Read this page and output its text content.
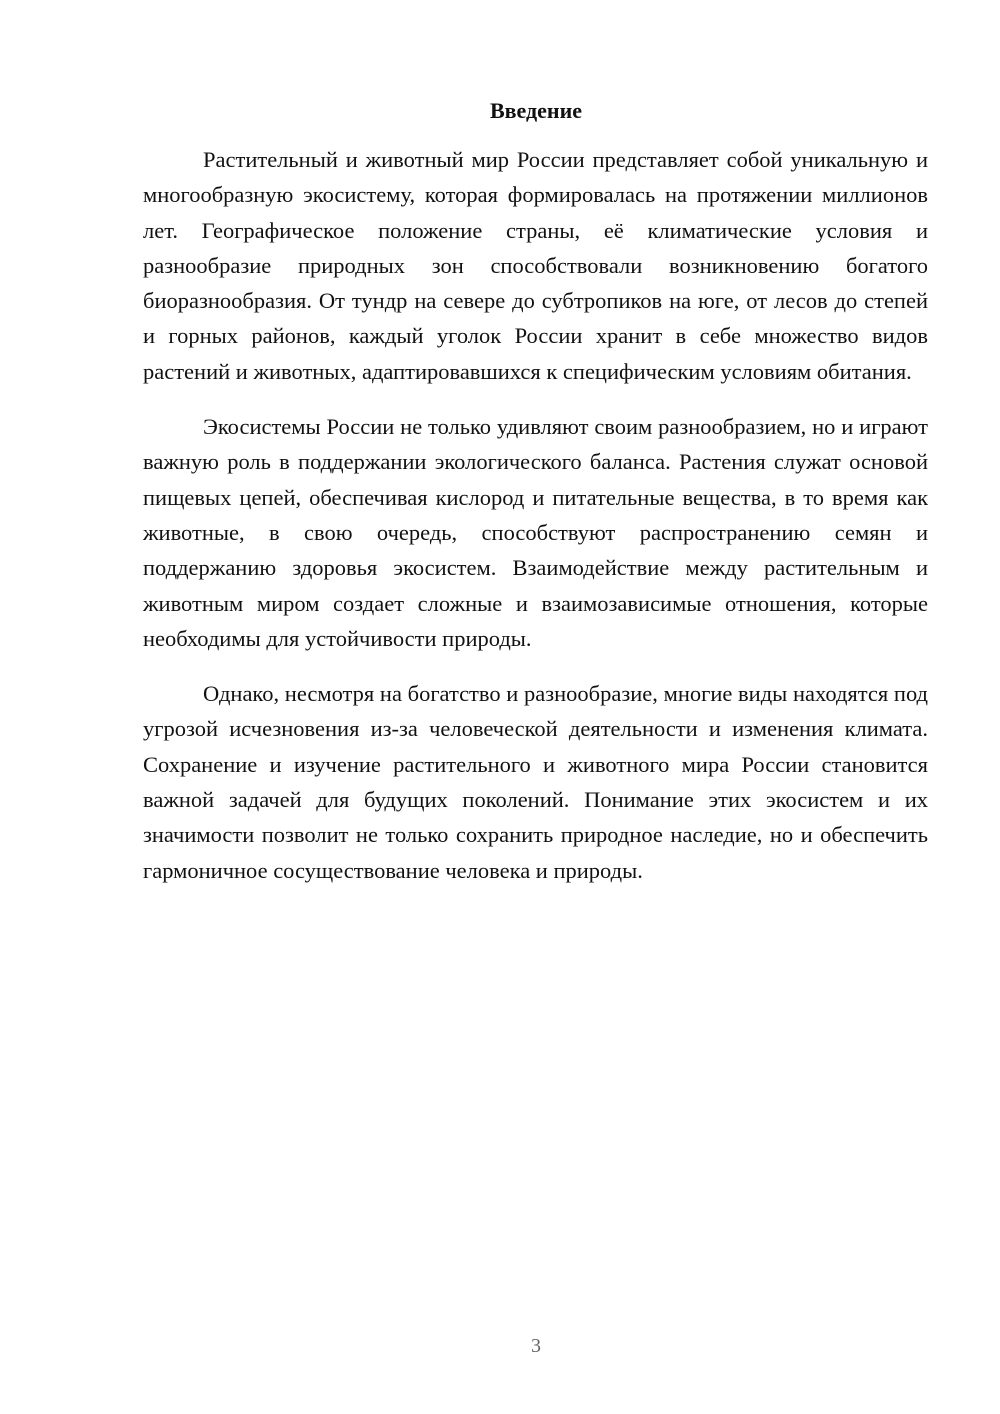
Введение

Растительный и животный мир России представляет собой уникальную и многообразную экосистему, которая формировалась на протяжении миллионов лет. Географическое положение страны, её климатические условия и разнообразие природных зон способствовали возникновению богатого биоразнообразия. От тундр на севере до субтропиков на юге, от лесов до степей и горных районов, каждый уголок России хранит в себе множество видов растений и животных, адаптировавшихся к специфическим условиям обитания.

Экосистемы России не только удивляют своим разнообразием, но и играют важную роль в поддержании экологического баланса. Растения служат основой пищевых цепей, обеспечивая кислород и питательные вещества, в то время как животные, в свою очередь, способствуют распространению семян и поддержанию здоровья экосистем. Взаимодействие между растительным и животным миром создает сложные и взаимозависимые отношения, которые необходимы для устойчивости природы.

Однако, несмотря на богатство и разнообразие, многие виды находятся под угрозой исчезновения из-за человеческой деятельности и изменения климата. Сохранение и изучение растительного и животного мира России становится важной задачей для будущих поколений. Понимание этих экосистем и их значимости позволит не только сохранить природное наследие, но и обеспечить гармоничное сосуществование человека и природы.

3
